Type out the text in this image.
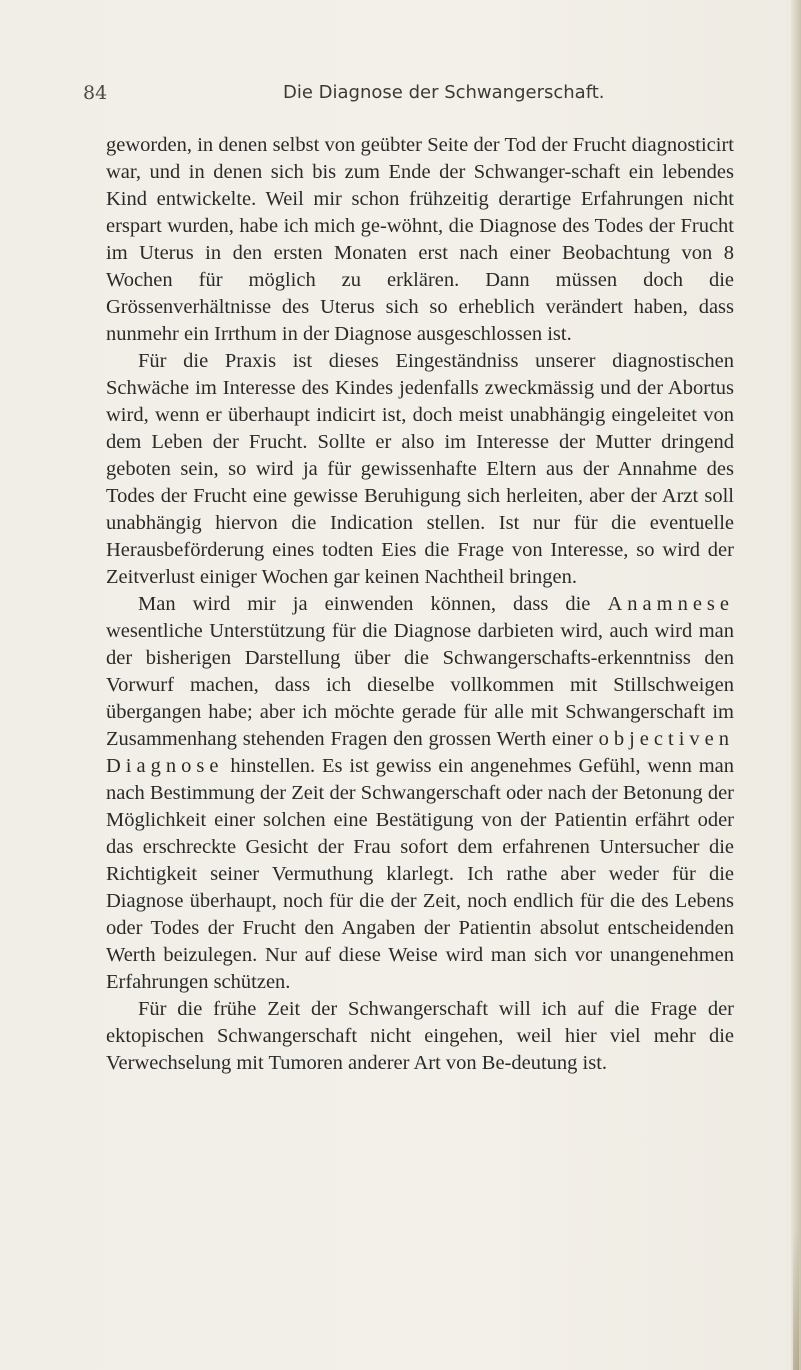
84	Die Diagnose der Schwangerschaft.

geworden, in denen selbst von geübter Seite der Tod der Frucht diagnosticirt war, und in denen sich bis zum Ende der Schwanger-schaft ein lebendes Kind entwickelte. Weil mir schon frühzeitig derartige Erfahrungen nicht erspart wurden, habe ich mich ge-wöhnt, die Diagnose des Todes der Frucht im Uterus in den ersten Monaten erst nach einer Beobachtung von 8 Wochen für möglich zu erklären. Dann müssen doch die Grössenverhältnisse des Uterus sich so erheblich verändert haben, dass nunmehr ein Irrthum in der Diagnose ausgeschlossen ist.

Für die Praxis ist dieses Eingeständniss unserer diagnostischen Schwäche im Interesse des Kindes jedenfalls zweckmässig und der Abortus wird, wenn er überhaupt indicirt ist, doch meist unabhängig eingeleitet von dem Leben der Frucht. Sollte er also im Interesse der Mutter dringend geboten sein, so wird ja für gewissenhafte Eltern aus der Annahme des Todes der Frucht eine gewisse Beruhigung sich herleiten, aber der Arzt soll unabhängig hiervon die Indication stellen. Ist nur für die eventuelle Herausbeförderung eines todten Eies die Frage von Interesse, so wird der Zeitverlust einiger Wochen gar keinen Nachtheil bringen.

Man wird mir ja einwenden können, dass die Anamnese wesentliche Unterstützung für die Diagnose darbieten wird, auch wird man der bisherigen Darstellung über die Schwangerschafts-erkenntniss den Vorwurf machen, dass ich dieselbe vollkommen mit Stillschweigen übergangen habe; aber ich möchte gerade für alle mit Schwangerschaft im Zusammenhang stehenden Fragen den grossen Werth einer objectiven Diagnose hinstellen. Es ist gewiss ein angenehmes Gefühl, wenn man nach Bestimmung der Zeit der Schwangerschaft oder nach der Betonung der Möglichkeit einer solchen eine Bestätigung von der Patientin erfährt oder das erschreckte Gesicht der Frau sofort dem erfahrenen Untersucher die Richtigkeit seiner Vermuthung klarlegt. Ich rathe aber weder für die Diagnose überhaupt, noch für die der Zeit, noch endlich für die des Lebens oder Todes der Frucht den Angaben der Patientin absolut entscheidenden Werth beizulegen. Nur auf diese Weise wird man sich vor unangenehmen Erfahrungen schützen.

Für die frühe Zeit der Schwangerschaft will ich auf die Frage der ektopischen Schwangerschaft nicht eingehen, weil hier viel mehr die Verwechselung mit Tumoren anderer Art von Be-deutung ist.
